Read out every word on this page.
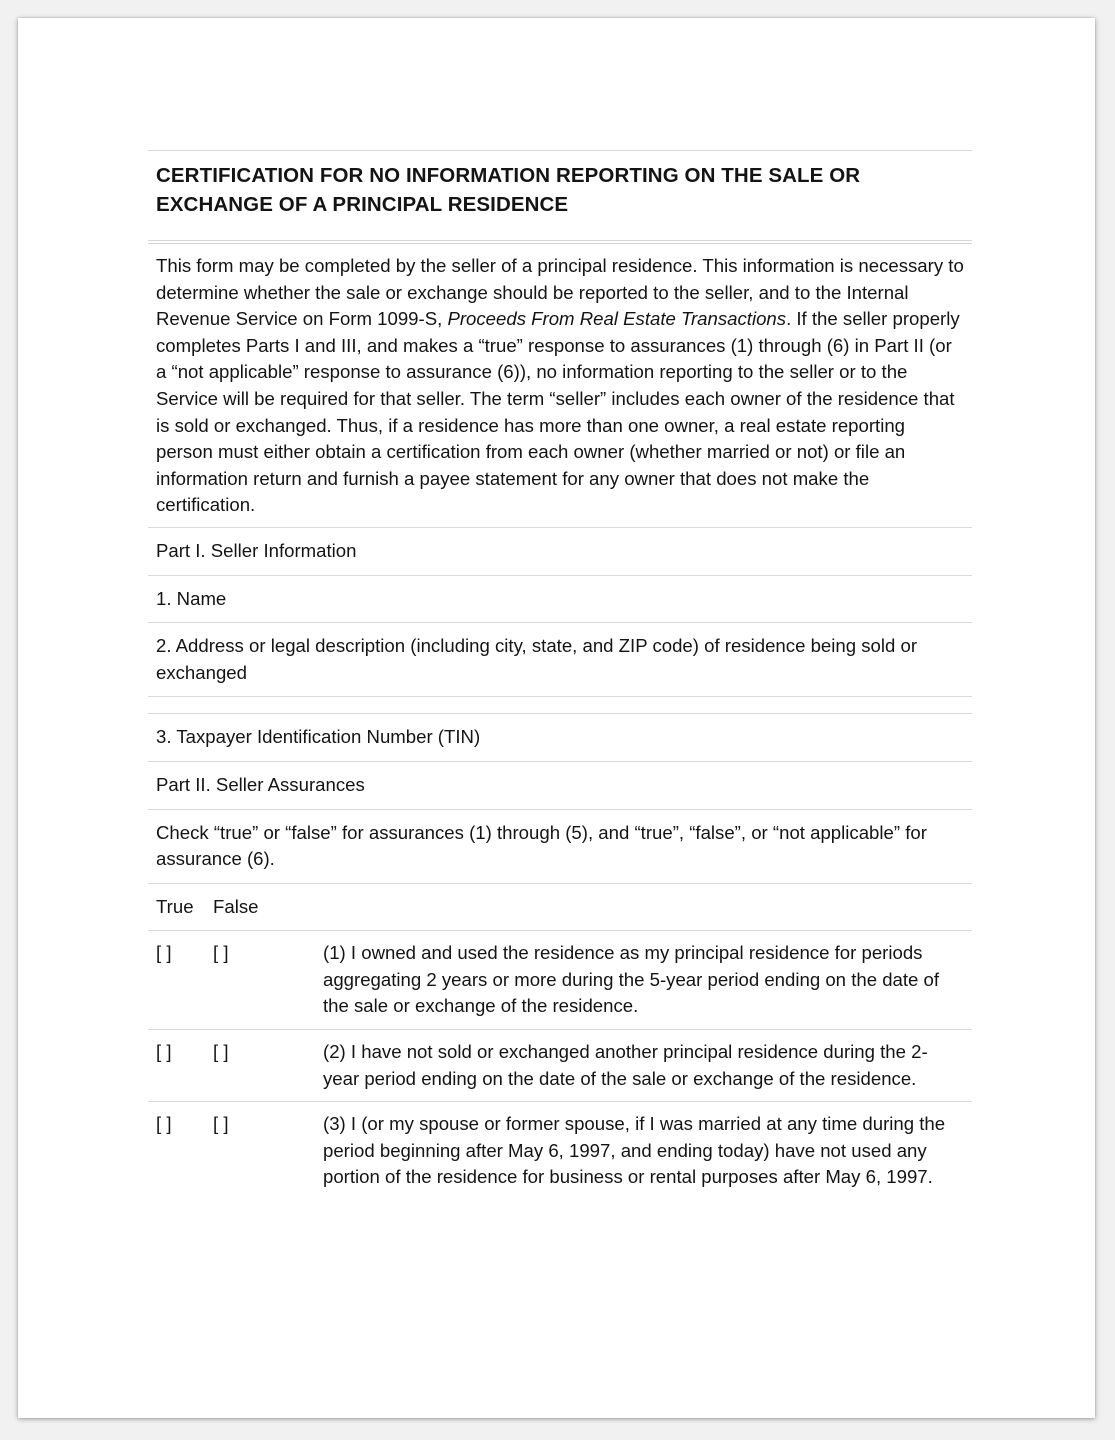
CERTIFICATION FOR NO INFORMATION REPORTING ON THE SALE OR EXCHANGE OF A PRINCIPAL RESIDENCE
This form may be completed by the seller of a principal residence. This information is necessary to determine whether the sale or exchange should be reported to the seller, and to the Internal Revenue Service on Form 1099-S, Proceeds From Real Estate Transactions. If the seller properly completes Parts I and III, and makes a “true” response to assurances (1) through (6) in Part II (or a “not applicable” response to assurance (6)), no information reporting to the seller or to the Service will be required for that seller. The term “seller” includes each owner of the residence that is sold or exchanged. Thus, if a residence has more than one owner, a real estate reporting person must either obtain a certification from each owner (whether married or not) or file an information return and furnish a payee statement for any owner that does not make the certification.
Part I. Seller Information
1. Name
2. Address or legal description (including city, state, and ZIP code) of residence being sold or exchanged
3. Taxpayer Identification Number (TIN)
Part II. Seller Assurances
Check “true” or “false” for assurances (1) through (5), and “true”, “false”, or “not applicable” for assurance (6).
True	False
[ ]	[ ]	(1) I owned and used the residence as my principal residence for periods aggregating 2 years or more during the 5-year period ending on the date of the sale or exchange of the residence.
[ ]	[ ]	(2) I have not sold or exchanged another principal residence during the 2-year period ending on the date of the sale or exchange of the residence.
[ ]	[ ]	(3) I (or my spouse or former spouse, if I was married at any time during the period beginning after May 6, 1997, and ending today) have not used any portion of the residence for business or rental purposes after May 6, 1997.
